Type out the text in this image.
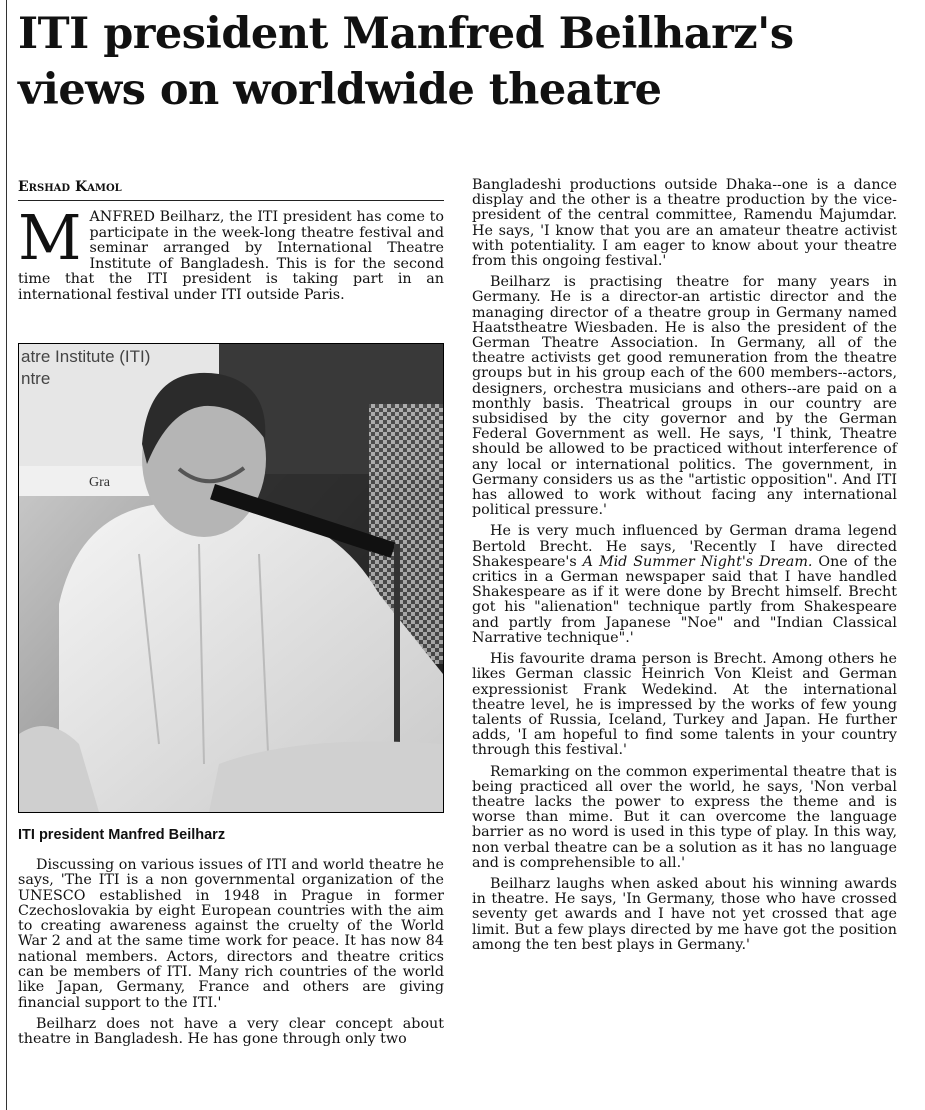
ITI president Manfred Beilharz's views on worldwide theatre
Ershad Kamol
MANFRED Beilharz, the ITI president has come to participate in the week-long theatre festival and seminar arranged by International Theatre Institute of Bangladesh. This is for the second time that the ITI president is taking part in an international festival under ITI outside Paris.
atre Institute (ITI)
ntre
Gra
ITI president Manfred Beilharz

Discussing on various issues of ITI and world theatre he says, 'The ITI is a non governmental organization of the UNESCO established in 1948 in Prague in former Czechoslovakia by eight European countries with the aim to creating awareness against the cruelty of the World War 2 and at the same time work for peace. It has now 84 national members. Actors, directors and theatre critics can be members of ITI. Many rich countries of the world like Japan, Germany, France and others are giving financial support to the ITI.'

Beilharz does not have a very clear concept about theatre in Bangladesh. He has gone through only two

Bangladeshi productions outside Dhaka--one is a dance display and the other is a theatre production by the vice-president of the central committee, Ramendu Majumdar. He says, 'I know that you are an amateur theatre activist with potentiality. I am eager to know about your theatre from this ongoing festival.'

Beilharz is practising theatre for many years in Germany. He is a director-an artistic director and the managing director of a theatre group in Germany named Haatstheatre Wiesbaden. He is also the president of the German Theatre Association. In Germany, all of the theatre activists get good remuneration from the theatre groups but in his group each of the 600 members--actors, designers, orchestra musicians and others--are paid on a monthly basis. Theatrical groups in our country are subsidised by the city governor and by the German Federal Government as well. He says, 'I think, Theatre should be allowed to be practiced without interference of any local or international politics. The government, in Germany considers us as the "artistic opposition". And ITI has allowed to work without facing any international political pressure.'

He is very much influenced by German drama legend Bertold Brecht. He says, 'Recently I have directed Shakespeare's A Mid Summer Night's Dream. One of the critics in a German newspaper said that I have handled Shakespeare as if it were done by Brecht himself. Brecht got his "alienation" technique partly from Shakespeare and partly from Japanese "Noe" and "Indian Classical Narrative technique".'

His favourite drama person is Brecht. Among others he likes German classic Heinrich Von Kleist and German expressionist Frank Wedekind. At the international theatre level, he is impressed by the works of few young talents of Russia, Iceland, Turkey and Japan. He further adds, 'I am hopeful to find some talents in your country through this festival.'

Remarking on the common experimental theatre that is being practiced all over the world, he says, 'Non verbal theatre lacks the power to express the theme and is worse than mime. But it can overcome the language barrier as no word is used in this type of play. In this way, non verbal theatre can be a solution as it has no language and is comprehensible to all.'

Beilharz laughs when asked about his winning awards in theatre. He says, 'In Germany, those who have crossed seventy get awards and I have not yet crossed that age limit. But a few plays directed by me have got the position among the ten best plays in Germany.'
